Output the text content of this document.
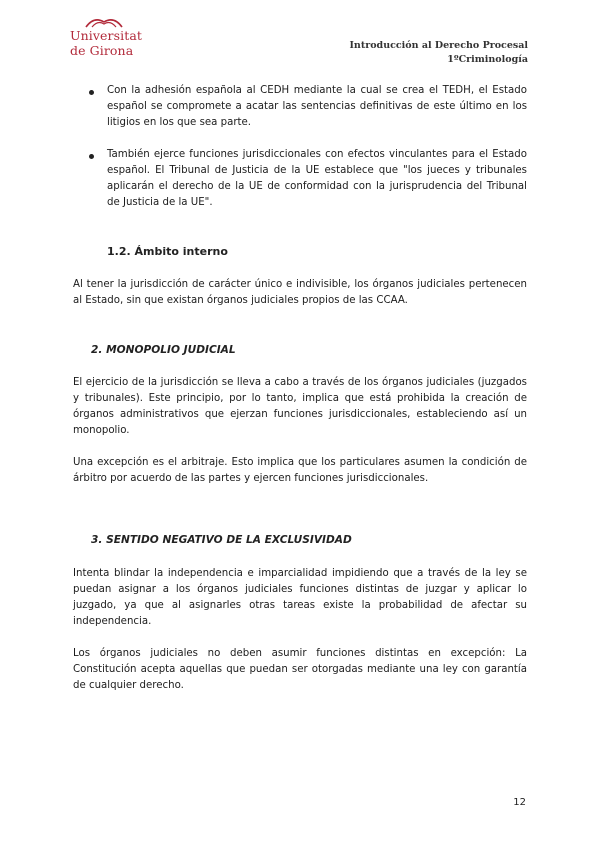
Universitat
de Girona	Introducción al Derecho Procesal
1ºCriminología
Con la adhesión española al CEDH mediante la cual se crea el TEDH, el Estado español se compromete a acatar las sentencias definitivas de este último en los litigios en los que sea parte.
También ejerce funciones jurisdiccionales con efectos vinculantes para el Estado español. El Tribunal de Justicia de la UE establece que "los jueces y tribunales aplicarán el derecho de la UE de conformidad con la jurisprudencia del Tribunal de Justicia de la UE".
1.2. Ámbito interno
Al tener la jurisdicción de carácter único e indivisible, los órganos judiciales pertenecen al Estado, sin que existan órganos judiciales propios de las CCAA.
2. MONOPOLIO JUDICIAL
El ejercicio de la jurisdicción se lleva a cabo a través de los órganos judiciales (juzgados y tribunales). Este principio, por lo tanto, implica que está prohibida la creación de órganos administrativos que ejerzan funciones jurisdiccionales, estableciendo así un monopolio.
Una excepción es el arbitraje. Esto implica que los particulares asumen la condición de árbitro por acuerdo de las partes y ejercen funciones jurisdiccionales.
3. SENTIDO NEGATIVO DE LA EXCLUSIVIDAD
Intenta blindar la independencia e imparcialidad impidiendo que a través de la ley se puedan asignar a los órganos judiciales funciones distintas de juzgar y aplicar lo juzgado, ya que al asignarles otras tareas existe la probabilidad de afectar su independencia.
Los órganos judiciales no deben asumir funciones distintas en excepción: La Constitución acepta aquellas que puedan ser otorgadas mediante una ley con garantía de cualquier derecho.
12
